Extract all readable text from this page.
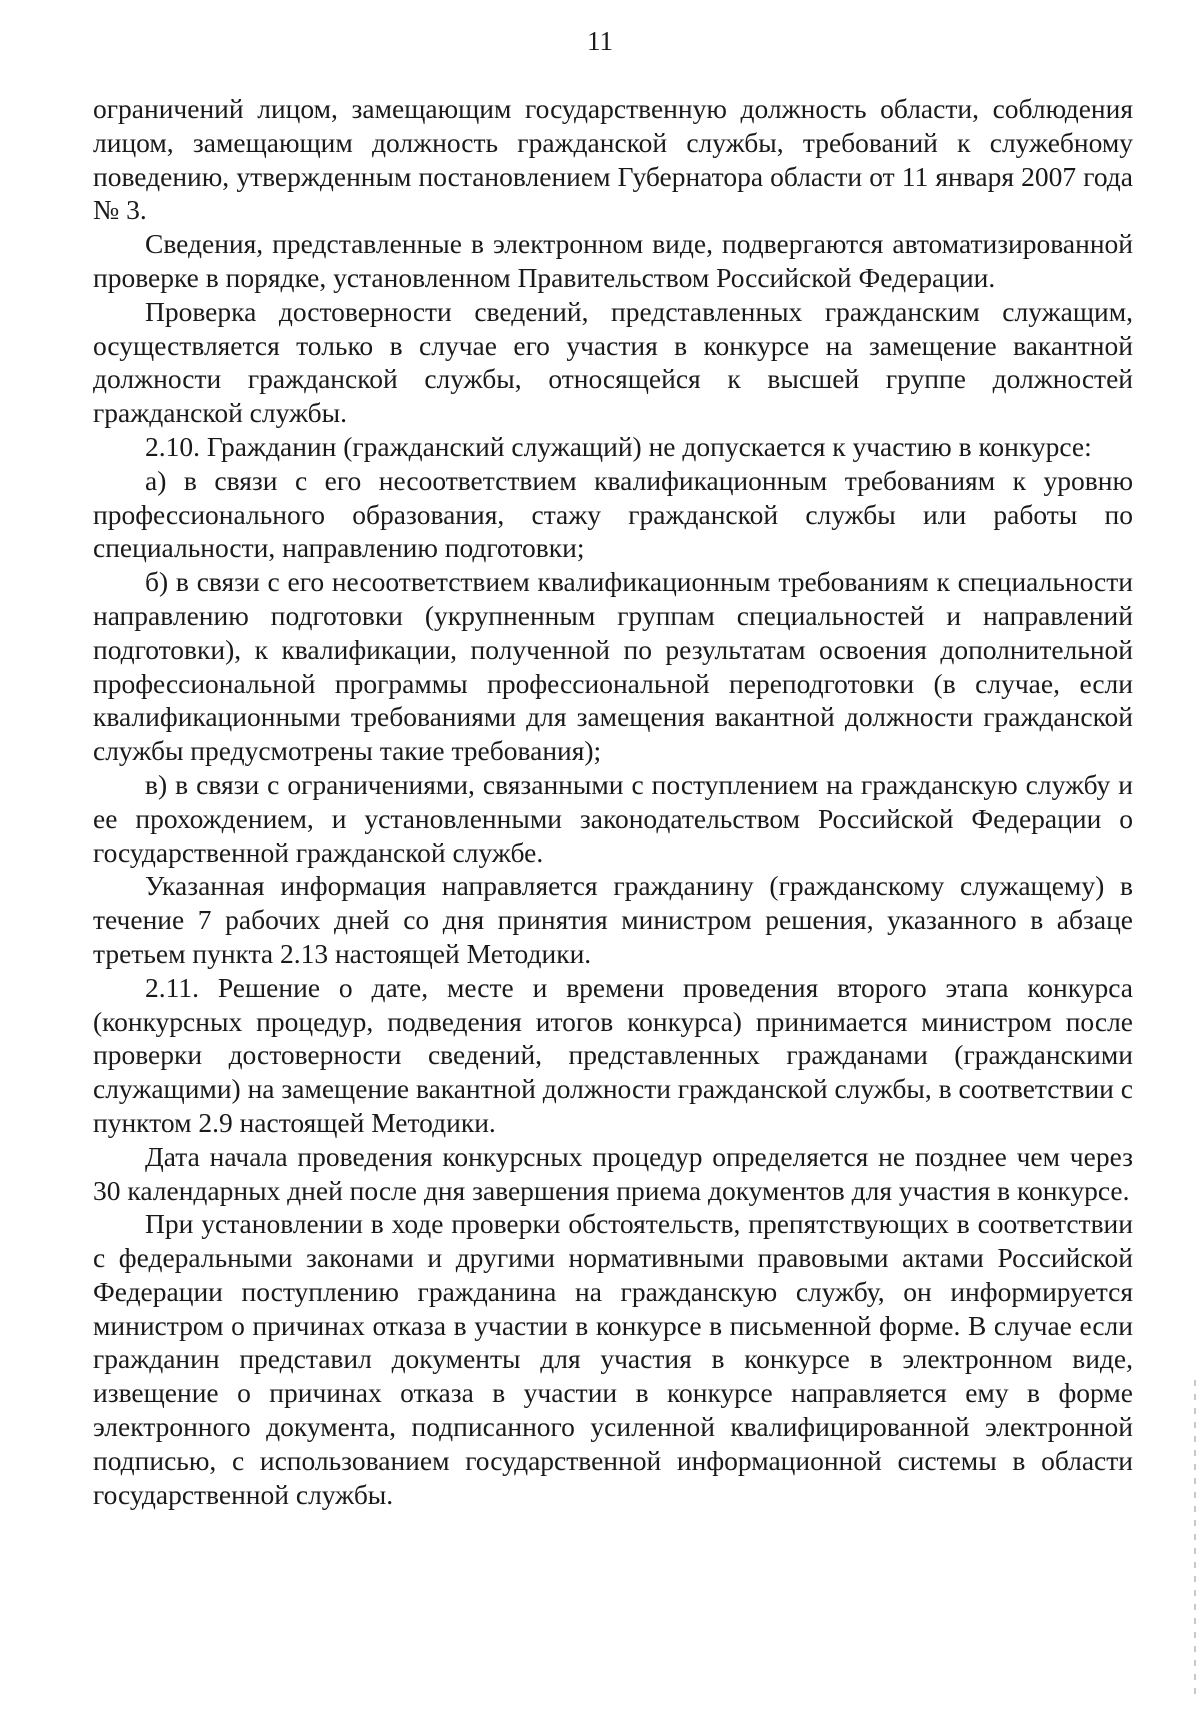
11

ограничений лицом, замещающим государственную должность области, соблюдения лицом, замещающим должность гражданской службы, требований к служебному поведению, утвержденным постановлением Губернатора области от 11 января 2007 года № 3.

Сведения, представленные в электронном виде, подвергаются автоматизированной проверке в порядке, установленном Правительством Российской Федерации.

Проверка достоверности сведений, представленных гражданским служащим, осуществляется только в случае его участия в конкурсе на замещение вакантной должности гражданской службы, относящейся к высшей группе должностей гражданской службы.

2.10. Гражданин (гражданский служащий) не допускается к участию в конкурсе:

а) в связи с его несоответствием квалификационным требованиям к уровню профессионального образования, стажу гражданской службы или работы по специальности, направлению подготовки;

б) в связи с его несоответствием квалификационным требованиям к специальности направлению подготовки (укрупненным группам специальностей и направлений подготовки), к квалификации, полученной по результатам освоения дополнительной профессиональной программы профессиональной переподготовки (в случае, если квалификационными требованиями для замещения вакантной должности гражданской службы предусмотрены такие требования);

в) в связи с ограничениями, связанными с поступлением на гражданскую службу и ее прохождением, и установленными законодательством Российской Федерации о государственной гражданской службе.

Указанная информация направляется гражданину (гражданскому служащему) в течение 7 рабочих дней со дня принятия министром решения, указанного в абзаце третьем пункта 2.13 настоящей Методики.

2.11. Решение о дате, месте и времени проведения второго этапа конкурса (конкурсных процедур, подведения итогов конкурса) принимается министром после проверки достоверности сведений, представленных гражданами (гражданскими служащими) на замещение вакантной должности гражданской службы, в соответствии с пунктом 2.9 настоящей Методики.

Дата начала проведения конкурсных процедур определяется не позднее чем через 30 календарных дней после дня завершения приема документов для участия в конкурсе.

При установлении в ходе проверки обстоятельств, препятствующих в соответствии с федеральными законами и другими нормативными правовыми актами Российской Федерации поступлению гражданина на гражданскую службу, он информируется министром о причинах отказа в участии в конкурсе в письменной форме. В случае если гражданин представил документы для участия в конкурсе в электронном виде, извещение о причинах отказа в участии в конкурсе направляется ему в форме электронного документа, подписанного усиленной квалифицированной электронной подписью, с использованием государственной информационной системы в области государственной службы.
